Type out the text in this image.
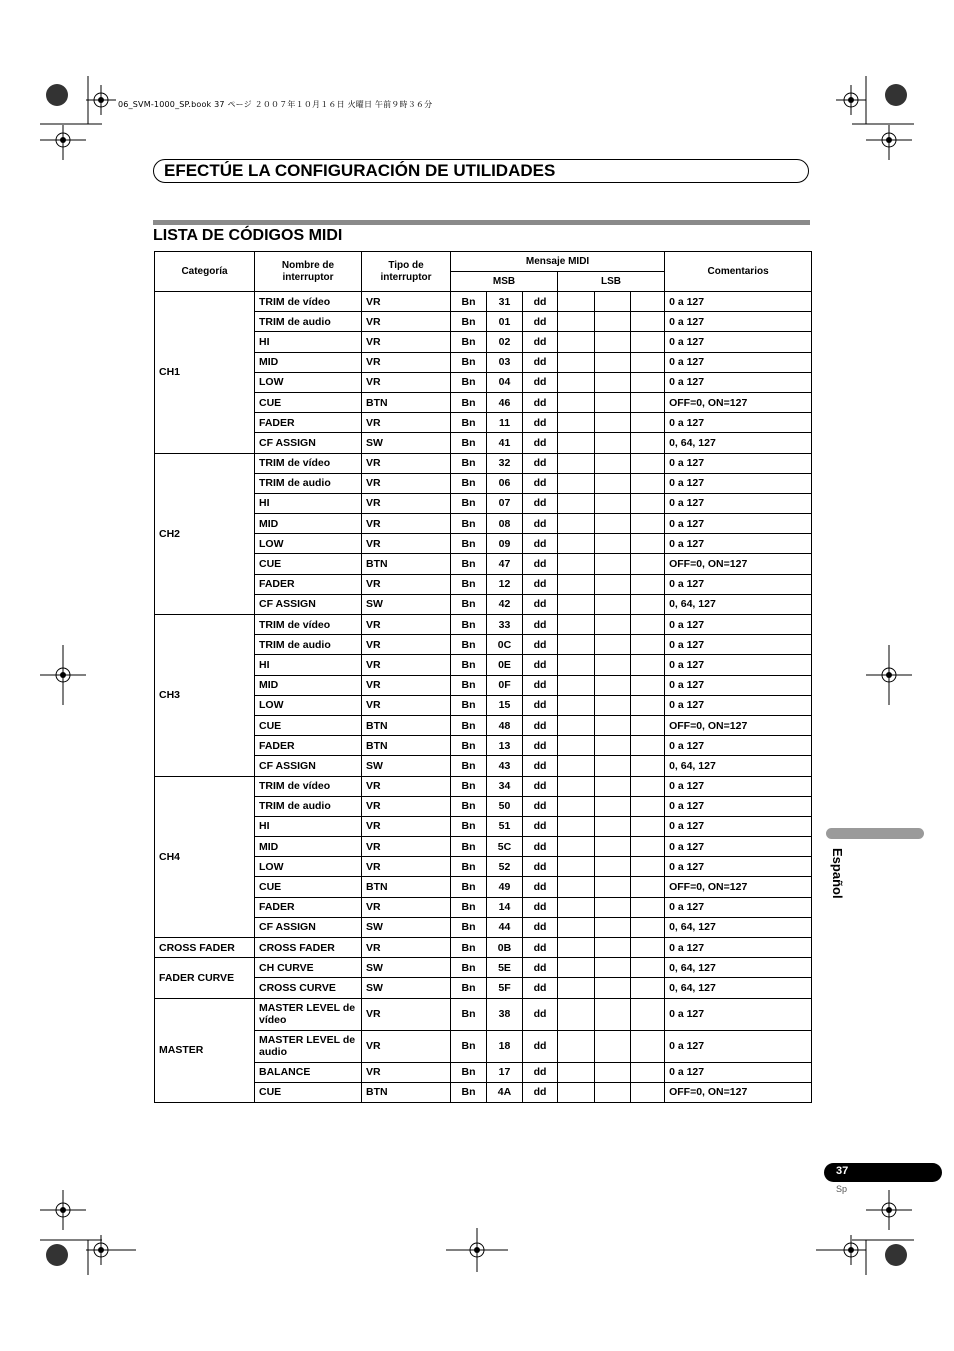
06_SVM-1000_SP.book 37 ページ ２００７年１０月１６日 火曜日 午前９時３６分
EFECTÚE LA CONFIGURACIÓN DE UTILIDADES
LISTA DE CÓDIGOS MIDI
Categoría	Nombre de interruptor	Tipo de interruptor	Mensaje MIDI						Comentarios
			MSB			LSB			
CH1	TRIM de vídeo	VR	Bn	31	dd				0 a 127
	TRIM de audio	VR	Bn	01	dd				0 a 127
	HI	VR	Bn	02	dd				0 a 127
	MID	VR	Bn	03	dd				0 a 127
	LOW	VR	Bn	04	dd				0 a 127
	CUE	BTN	Bn	46	dd				OFF=0, ON=127
	FADER	VR	Bn	11	dd				0 a 127
	CF ASSIGN	SW	Bn	41	dd				0, 64, 127
CH2	TRIM de vídeo	VR	Bn	32	dd				0 a 127
	TRIM de audio	VR	Bn	06	dd				0 a 127
	HI	VR	Bn	07	dd				0 a 127
	MID	VR	Bn	08	dd				0 a 127
	LOW	VR	Bn	09	dd				0 a 127
	CUE	BTN	Bn	47	dd				OFF=0, ON=127
	FADER	VR	Bn	12	dd				0 a 127
	CF ASSIGN	SW	Bn	42	dd				0, 64, 127
CH3	TRIM de vídeo	VR	Bn	33	dd				0 a 127
	TRIM de audio	VR	Bn	0C	dd				0 a 127
	HI	VR	Bn	0E	dd				0 a 127
	MID	VR	Bn	0F	dd				0 a 127
	LOW	VR	Bn	15	dd				0 a 127
	CUE	BTN	Bn	48	dd				OFF=0, ON=127
	FADER	BTN	Bn	13	dd				0 a 127
	CF ASSIGN	SW	Bn	43	dd				0, 64, 127
CH4	TRIM de vídeo	VR	Bn	34	dd				0 a 127
	TRIM de audio	VR	Bn	50	dd				0 a 127
	HI	VR	Bn	51	dd				0 a 127
	MID	VR	Bn	5C	dd				0 a 127
	LOW	VR	Bn	52	dd				0 a 127
	CUE	BTN	Bn	49	dd				OFF=0, ON=127
	FADER	VR	Bn	14	dd				0 a 127
	CF ASSIGN	SW	Bn	44	dd				0, 64, 127
CROSS FADER	CROSS FADER	VR	Bn	0B	dd				0 a 127
FADER CURVE	CH CURVE	SW	Bn	5E	dd				0, 64, 127
	CROSS CURVE	SW	Bn	5F	dd				0, 64, 127
MASTER	MASTER LEVEL de vídeo	VR	Bn	38	dd				0 a 127
	MASTER LEVEL de audio	VR	Bn	18	dd				0 a 127
	BALANCE	VR	Bn	17	dd				0 a 127
	CUE	BTN	Bn	4A	dd				OFF=0, ON=127
Español
37
Sp
